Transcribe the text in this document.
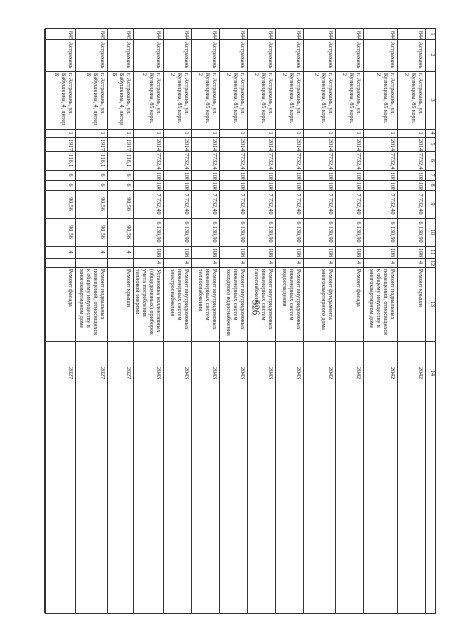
526
1
2
3
4
5
6
7
8
9
10
11
12
13
14
844
Астрахань
г. Астрахань, ул. Кузнецова, 85 корп. 2
1
2014
7732,4
108
108
7 732,40
6 130,90
108
4
Ремонт крыши
2042
844
Астрахань
г. Астрахань, ул. Кузнецова, 85 корп. 2
1
2014
7732,4
108
108
7 732,40
6 130,90
108
4
Ремонт подвальных помещений, относящихся к общему имуществу в многоквартирном доме
2042
844
Астрахань
г. Астрахань, ул. Кузнецова, 85 корп. 2
1
2014
7732,4
108
108
7 732,40
6 130,90
108
4
Ремонт фасада
2042
844
Астрахань
г. Астрахань, ул. Кузнецова, 85 корп. 2
1
2014
7732,4
108
108
7 732,40
6 130,90
108
4
Ремонт фундамента многоквартирного дома
2042
844
Астрахань
г. Астрахань, ул. Кузнецова, 85 корп. 2
1
2014
7732,4
108
108
7 732,40
6 130,90
108
4
Ремонт внутридомовых инженерных систем водоотведения
2043
844
Астрахань
г. Астрахань, ул. Кузнецова, 85 корп. 2
1
2014
7732,4
108
108
7 732,40
6 130,90
108
4
Ремонт внутридомовых инженерных систем газоснабжения
2043
844
Астрахань
г. Астрахань, ул. Кузнецова, 85 корп. 2
1
2014
7732,4
108
108
7 732,40
6 130,90
108
4
Ремонт внутридомовых инженерных систем холодного водоснабжения
2043
844
Астрахань
г. Астрахань, ул. Кузнецова, 85 корп. 2
1
2014
7732,4
108
108
7 732,40
6 130,90
108
4
Ремонт внутридомовых инженерных систем теплоснабжения
2043
844
Астрахань
г. Астрахань, ул. Кузнецова, 85 корп. 2
1
2014
7732,4
108
108
7 732,40
6 130,90
108
4
Ремонт внутридомовых инженерных систем электроснабжения
2043
844
Астрахань
г. Астрахань, ул. Кузнецова, 85 корп. 2
1
2014
7732,4
108
108
7 732,40
6 130,90
108
4
Установка коллективных (общедомовых) приборов учета потребления тепловой энергии
2043
845
Астрахань
г. Астрахань, ул. Бабушкина, 4, литер Б
1
1917
116,1
6
6
90,56
90,56
4
Ремонт крыши
2027
845
Астрахань
г. Астрахань, ул. Бабушкина, 4, литер Б
1
1917
116,1
6
6
90,56
90,56
4
Ремонт подвальных помещений, относящихся к общему имуществу в многоквартирном доме
2027
845
Астрахань
г. Астрахань, ул. Бабушкина, 4, литер Б
1
1917
116,1
6
6
90,56
90,56
4
Ремонт фасада
2027
